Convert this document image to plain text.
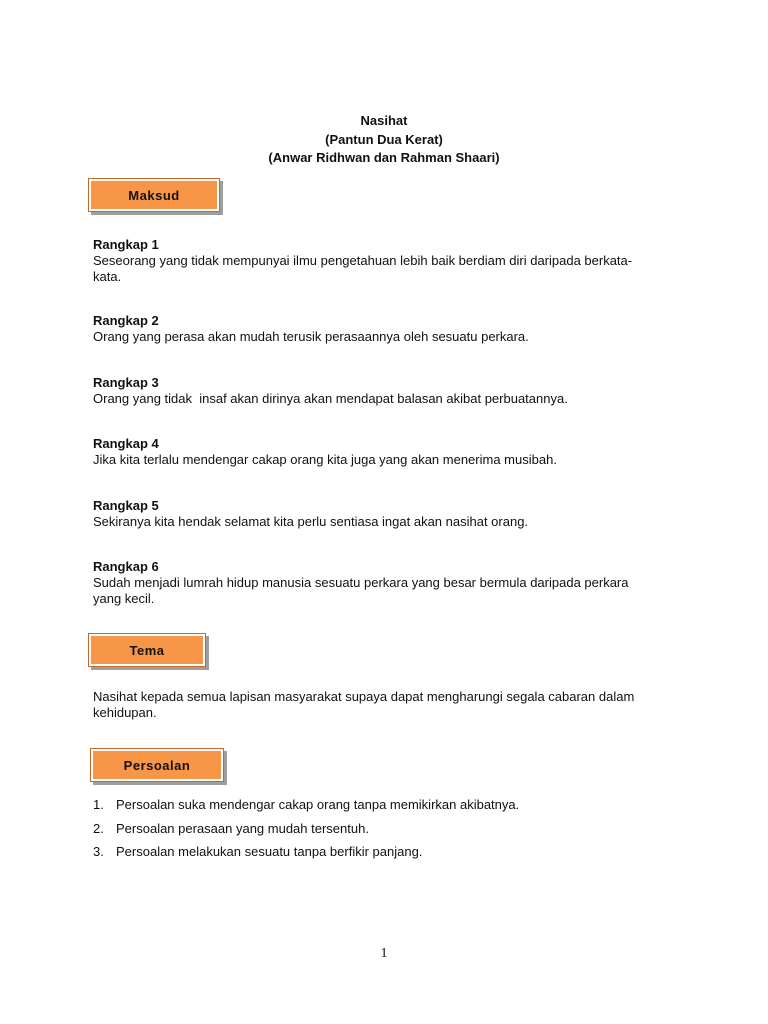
Nasihat
(Pantun Dua Kerat)
(Anwar Ridhwan dan Rahman Shaari)
Maksud
Rangkap 1
Seseorang yang tidak mempunyai ilmu pengetahuan lebih baik berdiam diri daripada berkata-kata.
Rangkap 2
Orang yang perasa akan mudah terusik perasaannya oleh sesuatu perkara.
Rangkap 3
Orang yang tidak  insaf akan dirinya akan mendapat balasan akibat perbuatannya.
Rangkap 4
Jika kita terlalu mendengar cakap orang kita juga yang akan menerima musibah.
Rangkap 5
Sekiranya kita hendak selamat kita perlu sentiasa ingat akan nasihat orang.
Rangkap 6
Sudah menjadi lumrah hidup manusia sesuatu perkara yang besar bermula daripada perkara yang kecil.
Tema
Nasihat kepada semua lapisan masyarakat supaya dapat mengharungi segala cabaran dalam kehidupan.
Persoalan
1. Persoalan suka mendengar cakap orang tanpa memikirkan akibatnya.
2. Persoalan perasaan yang mudah tersentuh.
3. Persoalan melakukan sesuatu tanpa berfikir panjang.
1
